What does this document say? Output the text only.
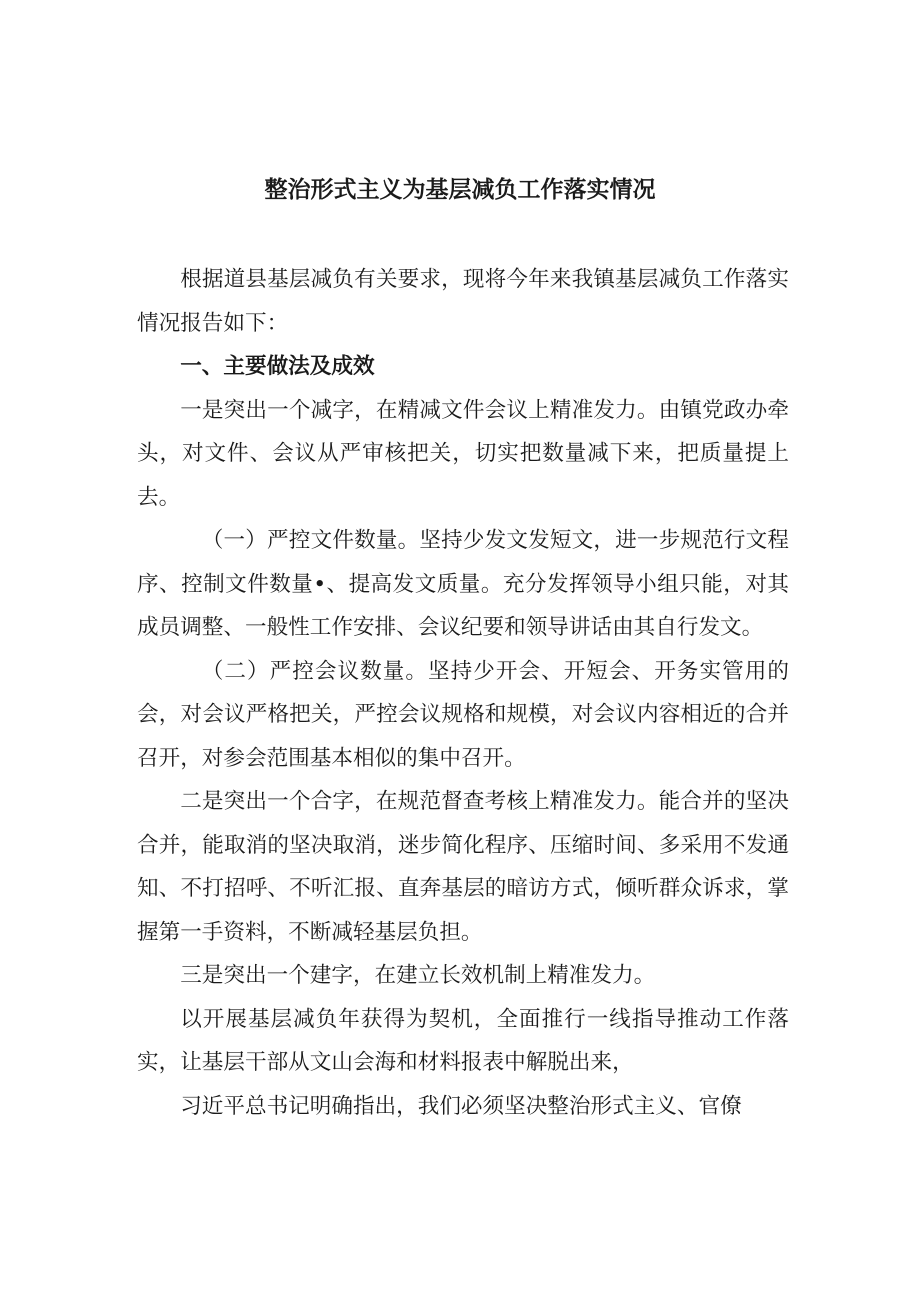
整治形式主义为基层减负工作落实情况

根据道县基层减负有关要求，现将今年来我镇基层减负工作落实情况报告如下：

一、主要做法及成效

一是突出一个减字，在精减文件会议上精准发力。由镇党政办牵头，对文件、会议从严审核把关，切实把数量减下来，把质量提上去。

（一）严控文件数量。坚持少发文发短文，进一步规范行文程序、控制文件数量•、提高发文质量。充分发挥领导小组只能，对其成员调整、一般性工作安排、会议纪要和领导讲话由其自行发文。

（二）严控会议数量。坚持少开会、开短会、开务实管用的会，对会议严格把关，严控会议规格和规模，对会议内容相近的合并召开，对参会范围基本相似的集中召开。

二是突出一个合字，在规范督查考核上精准发力。能合并的坚决合并，能取消的坚决取消，迷步简化程序、压缩时间、多采用不发通知、不打招呼、不听汇报、直奔基层的暗访方式，倾听群众诉求，掌握第一手资料，不断减轻基层负担。

三是突出一个建字，在建立长效机制上精准发力。

以开展基层减负年获得为契机，全面推行一线指导推动工作落实，让基层干部从文山会海和材料报表中解脱出来，

习近平总书记明确指出，我们必须坚决整治形式主义、官僚
